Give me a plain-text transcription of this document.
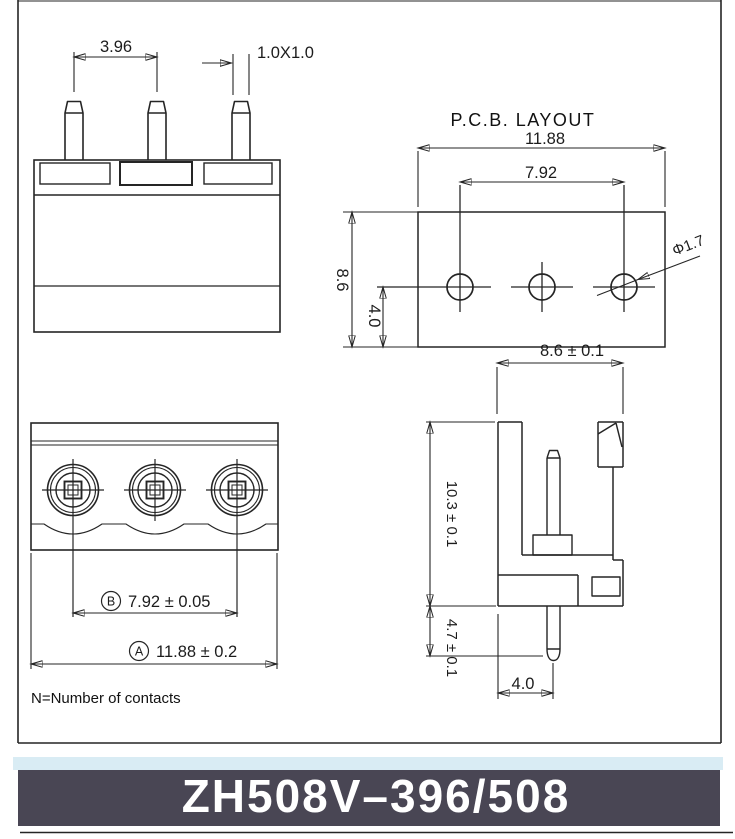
3.96	1.0X1.0
P.C.B. LAYOUT
11.88
7.92
8.6
4.0
Φ1.7
8.6 ± 0.1
10.3 ± 0.1
4.7 ± 0.1
4.0
B 7.92 ± 0.05
A 11.88 ± 0.2
N=Number of contacts
ZH508V–396/508
